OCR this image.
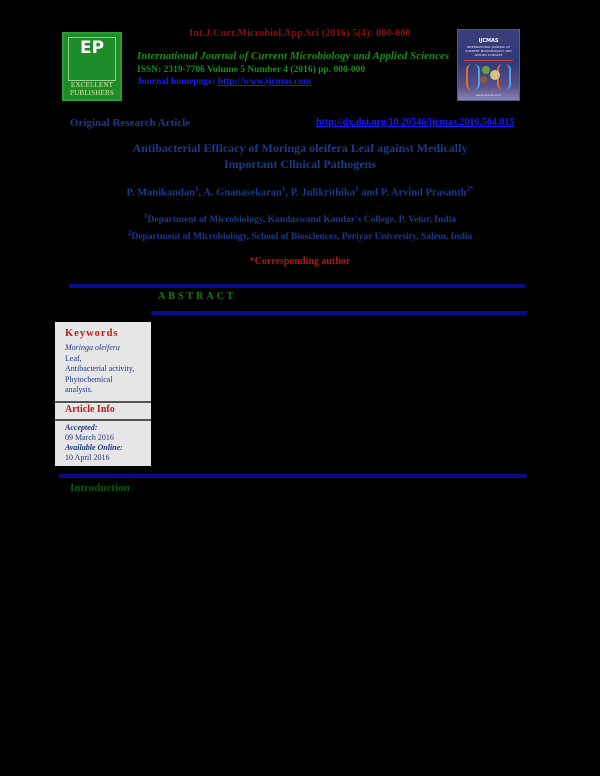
Int.J.Curr.Microbiol.App.Sci (2016) 5(4): 000-000
EP
EXCELLENT
PUBLISHERS
International Journal of Current Microbiology and Applied Sciences
ISSN: 2319-7706 Volume 5 Number 4 (2016) pp. 000-000
Journal homepage: http://www.ijcmas.com
IJCMAS
INTERNATIONAL JOURNAL OF CURRENT MICROBIOLOGY AND APPLIED SCIENCES
www.ijcmas.com
Original Research Article	http://dx.doi.org/10.20546/ijcmas.2016.504.015
Antibacterial Efficacy of Moringa oleifera Leaf against Medically
Important Clinical Pathogens
P. Manikandan$^1$, A. Gnanasekaran$^1$, P. Julikrithika$^1$ and P. Arvind Prasanth$^{2*}$
$^1$Department of Microbiology, Kandaswami Kandar's College, P. Velur, India
$^2$Department of Microbiology, School of Biosciences, Periyar University, Salem, India
*Corresponding author
ABSTRACT
Keywords
Moringa oleifera
Leaf,
Antibacterial activity,
Phytochemical
analysis.
Article Info
Accepted:
09 March 2016
Available Online:
10 April 2016
Introduction
